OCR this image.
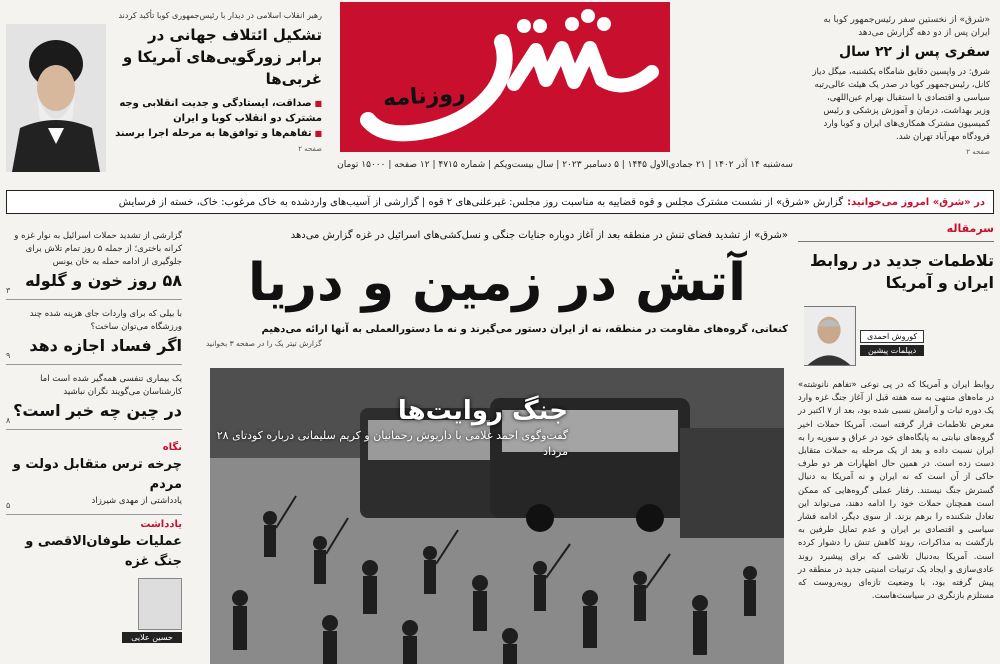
رهبر انقلاب اسلامی در دیدار با رئیس‌جمهوری کوبا تأکید کردند
تشکیل ائتلاف جهانی در برابر زورگویی‌های آمریکا و غربی‌ها
■ صداقت، ایستادگی و جدیت انقلابی وجه مشترک دو انقلاب کوبا و ایران
■ تفاهم‌ها و توافق‌ها به مرحله اجرا برسند
صفحه ۲
روزنامه
«شرق» از نخستین سفر رئیس‌جمهور کوبا به ایران پس از دو دهه گزارش می‌دهد
سفری پس از ۲۲ سال
شرق: در واپسین دقایق شامگاه یکشنبه، میگل دیاز کانل، رئیس‌جمهور کوبا در صدر یک هیئت عالی‌رتبه سیاسی و اقتصادی با استقبال بهرام عین‌اللهی، وزیر بهداشت، درمان و آموزش پزشکی و رئیس کمیسیون مشترک همکاری‌های ایران و کوبا وارد فرودگاه مهرآباد تهران شد.
صفحه ۲
سه‌شنبه ۱۴ آذر ۱۴۰۲ | ۲۱ جمادی‌الاول ۱۴۴۵ | ۵ دسامبر ۲۰۲۳ | سال بیست‌ویکم | شماره ۴۷۱۵ | ۱۲ صفحه | ۱۵۰۰۰ تومان
در «شرق» امروز می‌خوانید:
گزارش «شرق» از نشست مشترک مجلس و قوه قضاییه به مناسبت روز مجلس: غیرعلنی‌های ۲ قوه | گزارشی از آسیب‌های واردشده به خاک مرغوب: خاک، خسته از فرسایش
گزارشی از تشدید حملات اسرائیل به نوار غزه و کرانه باختری؛ از جمله ۵ روز تمام تلاش برای جلوگیری از ادامه حمله به خان یونس
۵۸ روز خون و گلوله
۳
با بیلی که برای واردات جای هزینه شده چند ورزشگاه می‌توان ساخت؟
اگر فساد اجازه دهد
۹
یک بیماری تنفسی همه‌گیر شده است اما کارشناسان می‌گویند نگران نباشید
در چین چه خبر است؟
۸
نگاه
چرخه ترس متقابل دولت و مردم
یادداشتی از مهدی شیرزاد
۵
یادداشت
عملیات طوفان‌الاقصی و جنگ غزه
حسین علایی
«شرق» از تشدید فضای تنش در منطقه بعد از آغاز دوباره جنایات جنگی و نسل‌کشی‌های اسرائیل در غزه گزارش می‌دهد
آتش در زمین و دریا
کنعانی، گروه‌های مقاومت در منطقه، نه از ایران دستور می‌گیرند و نه ما دستورالعملی به آنها ارائه می‌دهیم
گزارش تیتر یک را در صفحه ۳ بخوانید
جنگ روایت‌ها
گفت‌وگوی احمد غلامی با داریوش رحمانیان و کریم سلیمانی درباره کودتای ۲۸ مرداد
سرمقاله
تلاطمات جدید در روابط ایران و آمریکا
کوروش احمدی
دیپلمات پیشین
روابط ایران و آمریکا که در پی نوعی «تفاهم نانوشته» در ماه‌های منتهی به سه هفته قبل از آغاز جنگ غزه وارد یک دوره ثبات و آرامش نسبی شده بود، بعد از ۷ اکتبر در معرض تلاطمات قرار گرفته است. آمریکا حملات اخیر گروه‌های نیابتی به پایگاه‌های خود در عراق و سوریه را به ایران نسبت داده و بعد از یک مرحله به حملات متقابل دست زده است. در همین حال اظهارات هر دو طرف حاکی از آن است که نه ایران و نه آمریکا به دنبال گسترش جنگ نیستند. رفتار عملی گروه‌هایی که ممکن است همچنان حملات خود را ادامه دهند، می‌تواند این تعادل شکننده را برهم بزند. از سوی دیگر، ادامه فشار سیاسی و اقتصادی بر ایران و عدم تمایل طرفین به بازگشت به مذاکرات، روند کاهش تنش را دشوار کرده است. آمریکا به‌دنبال تلاشی که برای پیشبرد روند عادی‌سازی و ایجاد یک ترتیبات امنیتی جدید در منطقه در پیش گرفته بود، با وضعیت تازه‌ای روبه‌روست که مستلزم بازنگری در سیاست‌هاست.
